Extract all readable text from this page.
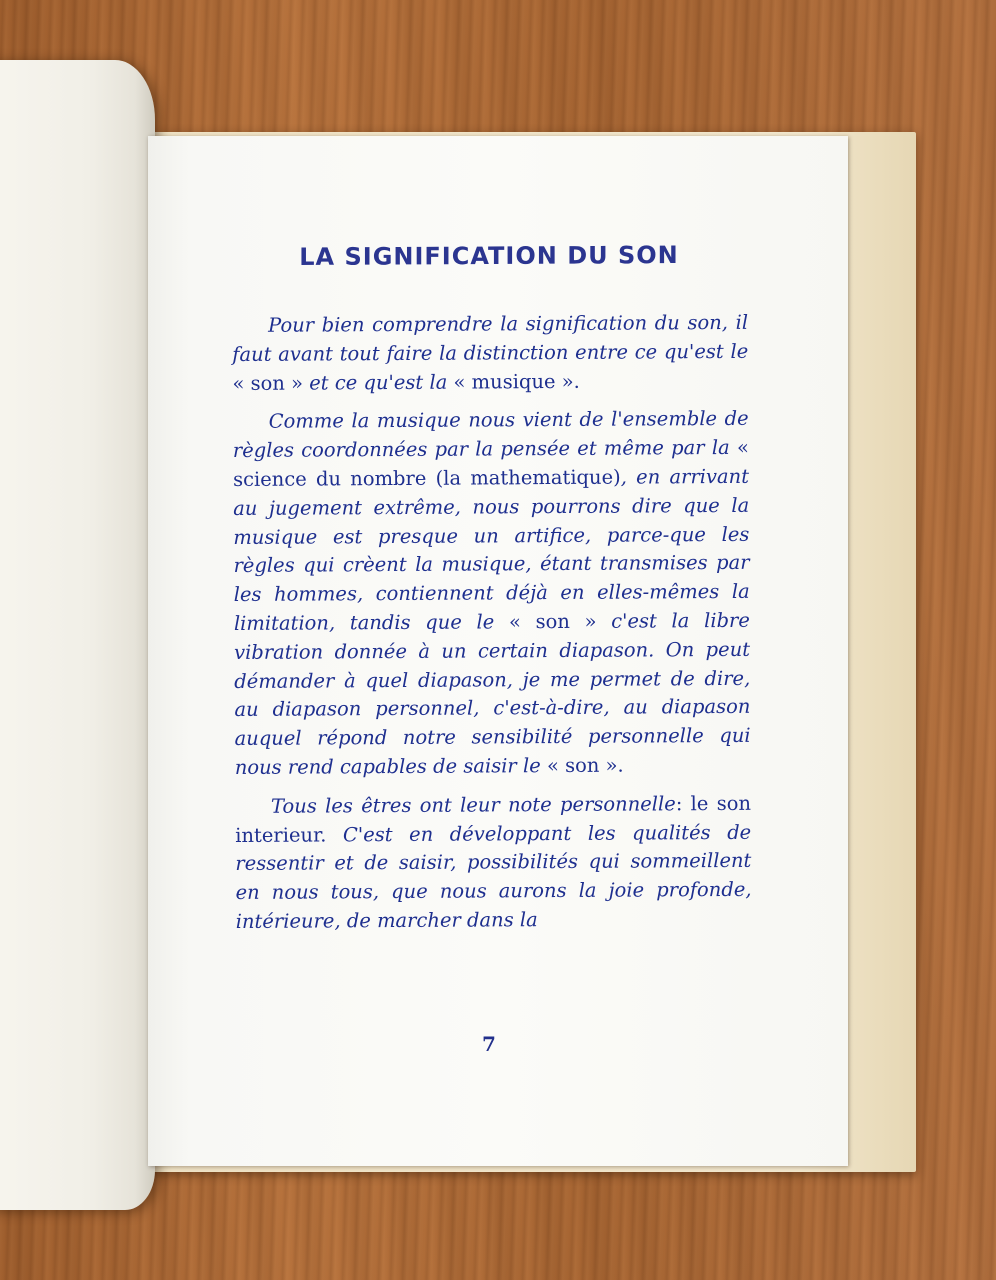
LA SIGNIFICATION DU SON

Pour bien comprendre la signification du son, il faut avant tout faire la distinction entre ce qu'est le « son » et ce qu'est la « musique ».

Comme la musique nous vient de l'ensemble de règles coordonnées par la pensée et même par la « science du nombre (la mathematique), en arrivant au jugement extrême, nous pourrons dire que la musique est presque un artifice, parce-que les règles qui crèent la musique, étant transmises par les hommes, contiennent déjà en elles-mêmes la limitation, tandis que le « son » c'est la libre vibration donnée à un certain diapason. On peut démander à quel diapason, je me permet de dire, au diapason personnel, c'est-à-dire, au diapason auquel répond notre sensibilité personnelle qui nous rend capables de saisir le « son ».

Tous les êtres ont leur note personnelle: le son interieur. C'est en développant les qualités de ressentir et de saisir, possibilités qui sommeillent en nous tous, que nous aurons la joie profonde, intérieure, de marcher dans la

7
